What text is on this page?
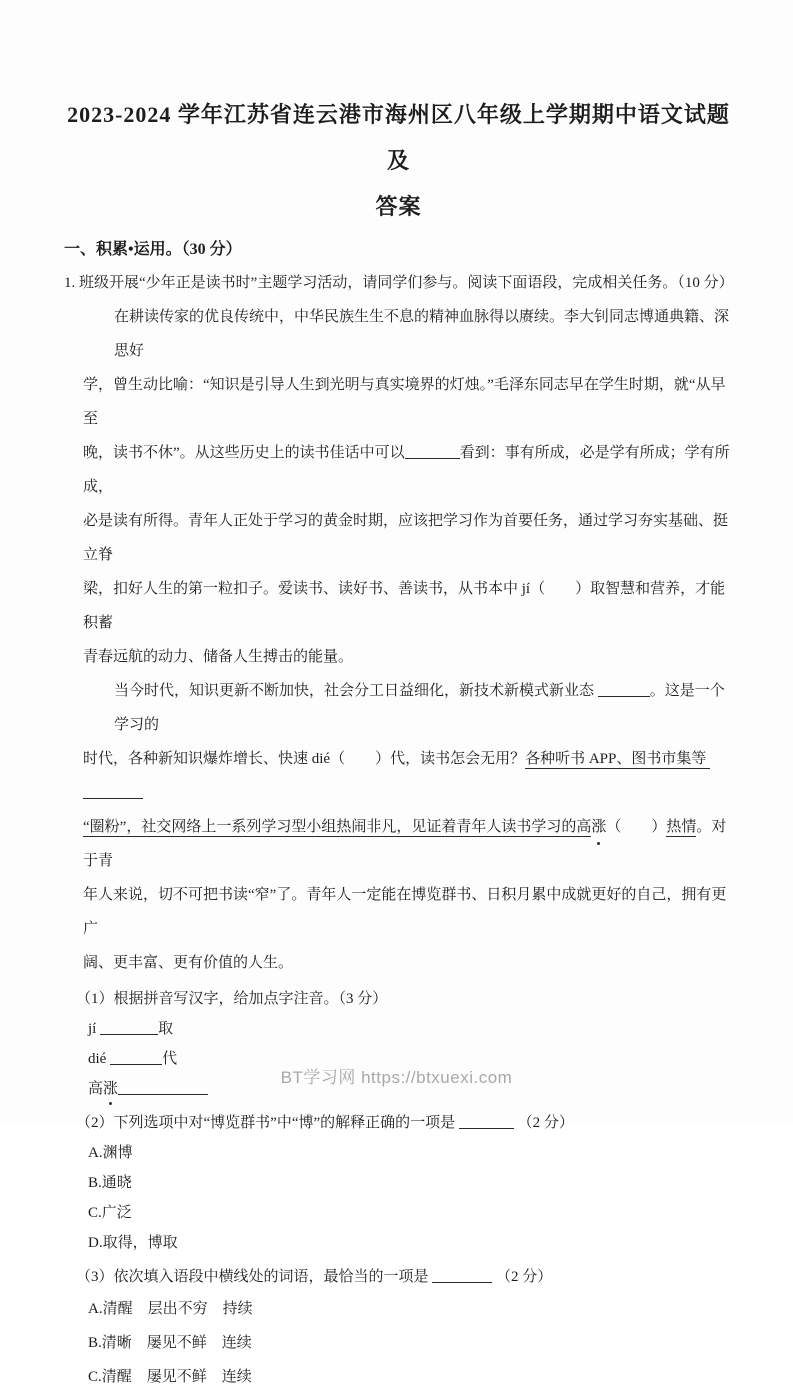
2023-2024 学年江苏省连云港市海州区八年级上学期期中语文试题及
答案
一、积累•运用。（30 分）
1. 班级开展“少年正是读书时”主题学习活动，请同学们参与。阅读下面语段，完成相关任务。（10 分）
在耕读传家的优良传统中，中华民族生生不息的精神血脉得以赓续。李大钊同志博通典籍、深思好
学，曾生动比喻：“知识是引导人生到光明与真实境界的灯烛。”毛泽东同志早在学生时期，就“从早至
晚，读书不休”。从这些历史上的读书佳话中可以	看到：事有所成，必是学有所成；学有所成，
必是读有所得。青年人正处于学习的黄金时期，应该把学习作为首要任务，通过学习夯实基础、挺立脊
梁，扣好人生的第一粒扣子。爱读书、读好书、善读书，从书本中 jí（　　）取智慧和营养，才能积蓄
青春远航的动力、储备人生搏击的能量。
当今时代，知识更新不断加快，社会分工日益细化，新技术新模式新业态	。这是一个学习的
时代，各种新知识爆炸增长、快速 dié（　　）代，读书怎会无用？各种听书 APP、图书市集等
“圈粉”，社交网络上一系列学习型小组热闹非凡，见证着青年人读书学习的高涨（　　）热情。对于青
年人来说，切不可把书读“窄”了。青年人一定能在博览群书、日积月累中成就更好的自己，拥有更广
阔、更丰富、更有价值的人生。
（1）根据拼音写汉字，给加点字注音。（3 分）
jí	取
dié	代
高涨
（2）下列选项中对“博览群书”中“博”的解释正确的一项是	（2 分）
A.渊博
B.通晓
C.广泛
D.取得，博取
（3）依次填入语段中横线处的词语，最恰当的一项是	（2 分）
A.清醒　层出不穷　持续
B.清晰　屡见不鲜　连续
C.清醒　屡见不鲜　连续
BT学习网 https://btxuexi.com
